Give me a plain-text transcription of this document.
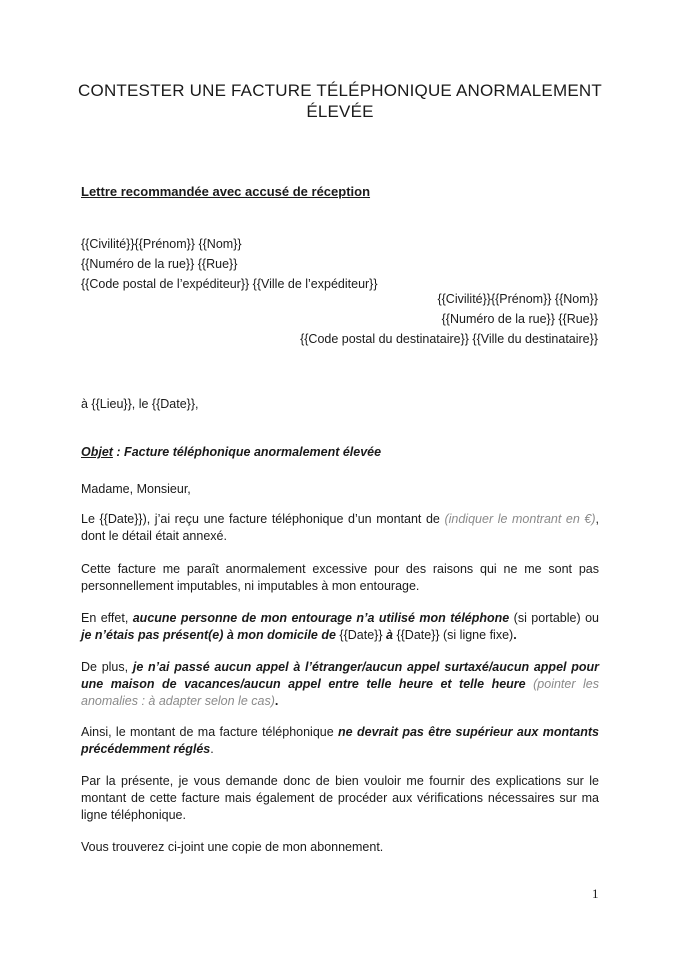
CONTESTER UNE FACTURE TÉLÉPHONIQUE ANORMALEMENT
ÉLEVÉE
Lettre recommandée avec accusé de réception
{{Civilité}}{{Prénom}} {{Nom}}
{{Numéro de la rue}} {{Rue}}
{{Code postal de l’expéditeur}} {{Ville de l’expéditeur}}
{{Civilité}}{{Prénom}} {{Nom}}
{{Numéro de la rue}} {{Rue}}
{{Code postal du destinataire}} {{Ville du destinataire}}
à {{Lieu}}, le {{Date}},
Objet : Facture téléphonique anormalement élevée
Madame, Monsieur,
Le {{Date}}), j’ai reçu une facture téléphonique d’un montant de (indiquer le montrant en €), dont le détail était annexé.
Cette facture me paraît anormalement excessive pour des raisons qui ne me sont pas personnellement imputables, ni imputables à mon entourage.
En effet, aucune personne de mon entourage n’a utilisé mon téléphone (si portable) ou je n’étais pas présent(e) à mon domicile de {{Date}} à {{Date}} (si ligne fixe).
De plus, je n’ai passé aucun appel à l’étranger/aucun appel surtaxé/aucun appel pour une maison de vacances/aucun appel entre telle heure et telle heure (pointer les anomalies : à adapter selon le cas).
Ainsi, le montant de ma facture téléphonique ne devrait pas être supérieur aux montants précédemment réglés.
Par la présente, je vous demande donc de bien vouloir me fournir des explications sur le montant de cette facture mais également de procéder aux vérifications nécessaires sur ma ligne téléphonique.
Vous trouverez ci-joint une copie de mon abonnement.
1
